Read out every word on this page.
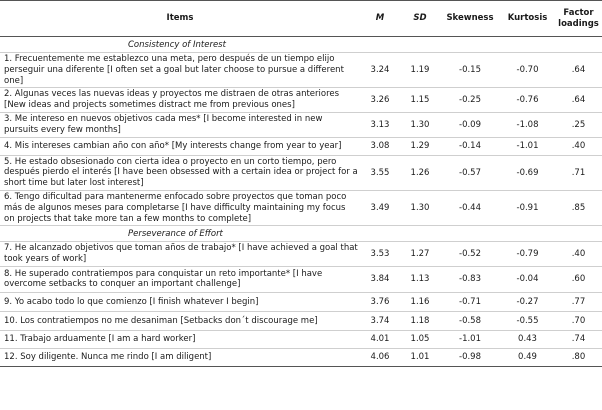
Items	M	SD	Skewness	Kurtosis	Factor loadings
Consistency of Interest					
1. Frecuentemente me establezco una meta, pero después de un tiempo elijo perseguir una diferente [I often set a goal but later choose to pursue a different one]	3.24	1.19	-0.15	-0.70	.64
2. Algunas veces las nuevas ideas y proyectos me distraen de otras anteriores [New ideas and projects sometimes distract me from previous ones]	3.26	1.15	-0.25	-0.76	.64
3. Me intereso en nuevos objetivos cada mes* [I become interested in new pursuits every few months]	3.13	1.30	-0.09	-1.08	.25
4. Mis intereses cambian año con año* [My interests change from year to year]	3.08	1.29	-0.14	-1.01	.40
5. He estado obsesionado con cierta idea o proyecto en un corto tiempo, pero después pierdo el interés [I have been obsessed with a certain idea or project for a short time but later lost interest]	3.55	1.26	-0.57	-0.69	.71
6. Tengo dificultad para mantenerme enfocado sobre proyectos que toman poco más de algunos meses para completarse [I have difficulty maintaining my focus on projects that take more tan a few months to complete]	3.49	1.30	-0.44	-0.91	.85
Perseverance of Effort					
7. He alcanzado objetivos que toman años de trabajo* [I have achieved a goal that took years of work]	3.53	1.27	-0.52	-0.79	.40
8. He superado contratiempos para conquistar un reto importante* [I have overcome setbacks to conquer an important challenge]	3.84	1.13	-0.83	-0.04	.60
9. Yo acabo todo lo que comienzo [I finish whatever I begin]	3.76	1.16	-0.71	-0.27	.77
10. Los contratiempos no me desaniman [Setbacks don´t discourage me]	3.74	1.18	-0.58	-0.55	.70
11. Trabajo arduamente [I am a hard worker]	4.01	1.05	-1.01	0.43	.74
12. Soy diligente. Nunca me rindo [I am diligent]	4.06	1.01	-0.98	0.49	.80
